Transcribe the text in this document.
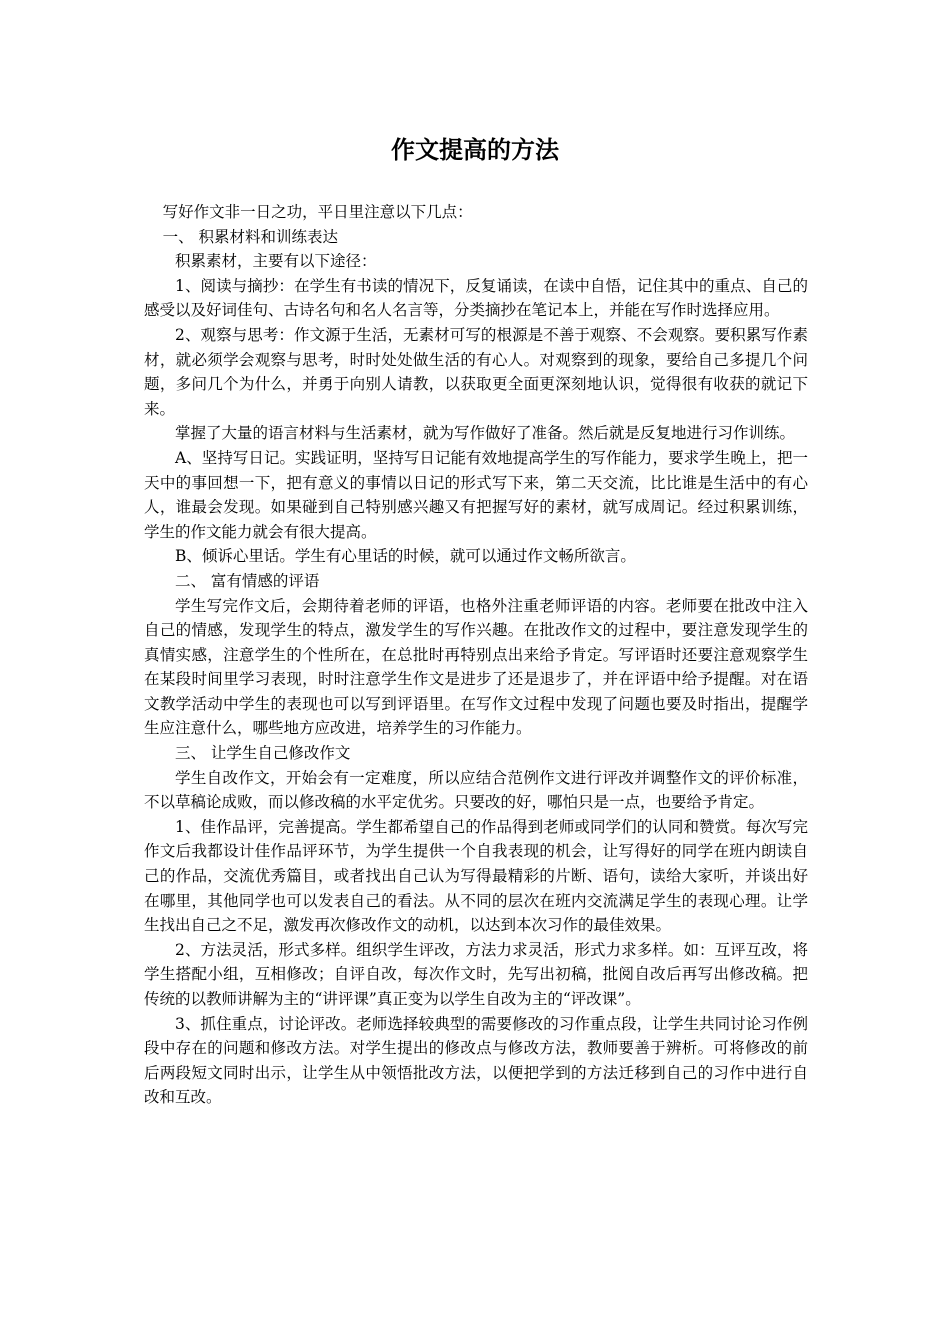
作文提高的方法

写好作文非一日之功，平日里注意以下几点：

一、 积累材料和训练表达

积累素材，主要有以下途径：

1、阅读与摘抄：在学生有书读的情况下，反复诵读，在读中自悟，记住其中的重点、自己的感受以及好词佳句、古诗名句和名人名言等，分类摘抄在笔记本上，并能在写作时选择应用。

2、观察与思考：作文源于生活，无素材可写的根源是不善于观察、不会观察。要积累写作素材，就必须学会观察与思考，时时处处做生活的有心人。对观察到的现象，要给自己多提几个问题，多问几个为什么，并勇于向别人请教，以获取更全面更深刻地认识，觉得很有收获的就记下来。

掌握了大量的语言材料与生活素材，就为写作做好了准备。然后就是反复地进行习作训练。

A、坚持写日记。实践证明，坚持写日记能有效地提高学生的写作能力，要求学生晚上，把一天中的事回想一下，把有意义的事情以日记的形式写下来，第二天交流，比比谁是生活中的有心人，谁最会发现。如果碰到自己特别感兴趣又有把握写好的素材，就写成周记。经过积累训练，学生的作文能力就会有很大提高。

B、倾诉心里话。学生有心里话的时候，就可以通过作文畅所欲言。

二、 富有情感的评语

学生写完作文后，会期待着老师的评语，也格外注重老师评语的内容。老师要在批改中注入自己的情感，发现学生的特点，激发学生的写作兴趣。在批改作文的过程中，要注意发现学生的真情实感，注意学生的个性所在，在总批时再特别点出来给予肯定。写评语时还要注意观察学生在某段时间里学习表现，时时注意学生作文是进步了还是退步了，并在评语中给予提醒。对在语文教学活动中学生的表现也可以写到评语里。在写作文过程中发现了问题也要及时指出，提醒学生应注意什么，哪些地方应改进，培养学生的习作能力。

三、 让学生自己修改作文

学生自改作文，开始会有一定难度，所以应结合范例作文进行评改并调整作文的评价标准，不以草稿论成败，而以修改稿的水平定优劣。只要改的好，哪怕只是一点，也要给予肯定。

1、佳作品评，完善提高。学生都希望自己的作品得到老师或同学们的认同和赞赏。每次写完作文后我都设计佳作品评环节，为学生提供一个自我表现的机会，让写得好的同学在班内朗读自己的作品，交流优秀篇目，或者找出自己认为写得最精彩的片断、语句，读给大家听，并谈出好在哪里，其他同学也可以发表自己的看法。从不同的层次在班内交流满足学生的表现心理。让学生找出自己之不足，激发再次修改作文的动机，以达到本次习作的最佳效果。

2、方法灵活，形式多样。组织学生评改，方法力求灵活，形式力求多样。如：互评互改，将学生搭配小组，互相修改；自评自改，每次作文时，先写出初稿，批阅自改后再写出修改稿。把传统的以教师讲解为主的“讲评课”真正变为以学生自改为主的“评改课”。

3、抓住重点，讨论评改。老师选择较典型的需要修改的习作重点段，让学生共同讨论习作例段中存在的问题和修改方法。对学生提出的修改点与修改方法，教师要善于辨析。可将修改的前后两段短文同时出示，让学生从中领悟批改方法，以便把学到的方法迁移到自己的习作中进行自改和互改。
